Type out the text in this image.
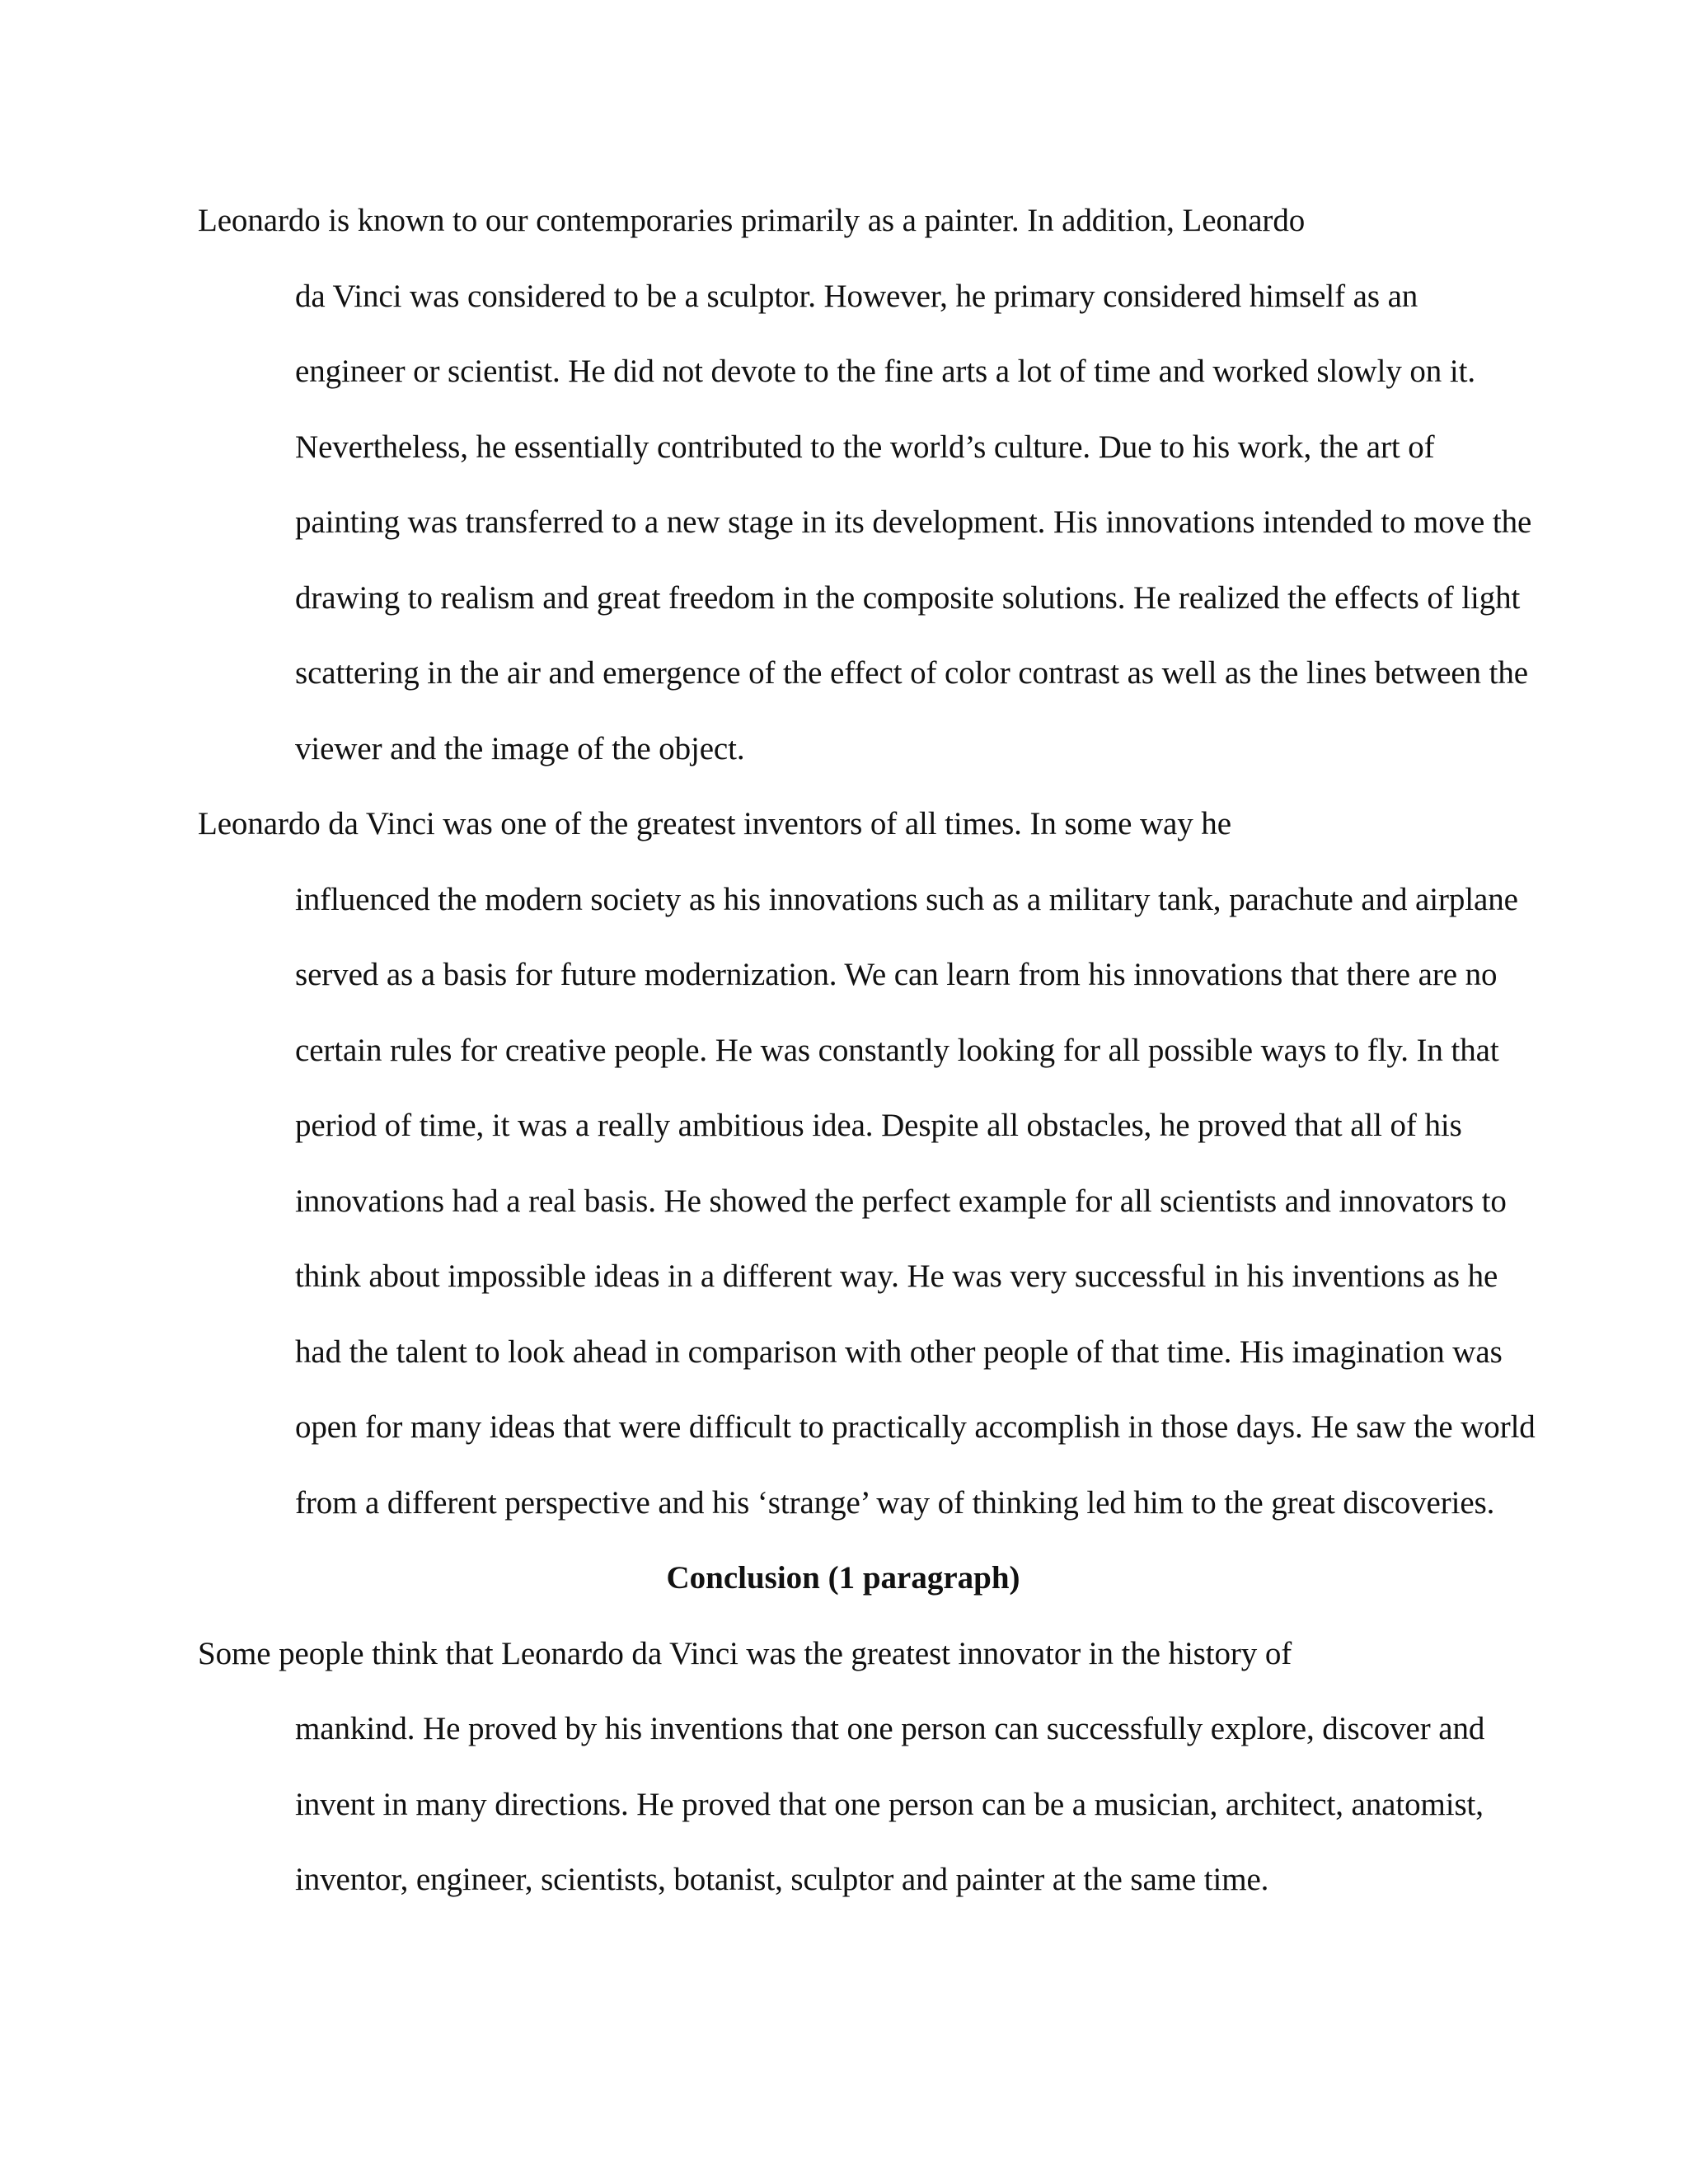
Leonardo is known to our contemporaries primarily as a painter. In addition, Leonardo
da Vinci was considered to be a sculptor. However, he primary considered himself as an
engineer or scientist. He did not devote to the fine arts a lot of time and worked slowly on it.
Nevertheless, he essentially contributed to the world’s culture. Due to his work, the art of
painting was transferred to a new stage in its development. His innovations intended to move the
drawing to realism and great freedom in the composite solutions. He realized the effects of light
scattering in the air and emergence of the effect of color contrast as well as the lines between the
viewer and the image of the object.

Leonardo da Vinci was one of the greatest inventors of all times. In some way he
influenced the modern society as his innovations such as a military tank, parachute and airplane
served as a basis for future modernization. We can learn from his innovations that there are no
certain rules for creative people. He was constantly looking for all possible ways to fly. In that
period of time, it was a really ambitious idea. Despite all obstacles, he proved that all of his
innovations had a real basis. He showed the perfect example for all scientists and innovators to
think about impossible ideas in a different way. He was very successful in his inventions as he
had the talent to look ahead in comparison with other people of that time. His imagination was
open for many ideas that were difficult to practically accomplish in those days. He saw the world
from a different perspective and his ‘strange’ way of thinking led him to the great discoveries.

Conclusion (1 paragraph)

Some people think that Leonardo da Vinci was the greatest innovator in the history of
mankind. He proved by his inventions that one person can successfully explore, discover and
invent in many directions. He proved that one person can be a musician, architect, anatomist,
inventor, engineer, scientists, botanist, sculptor and painter at the same time.
